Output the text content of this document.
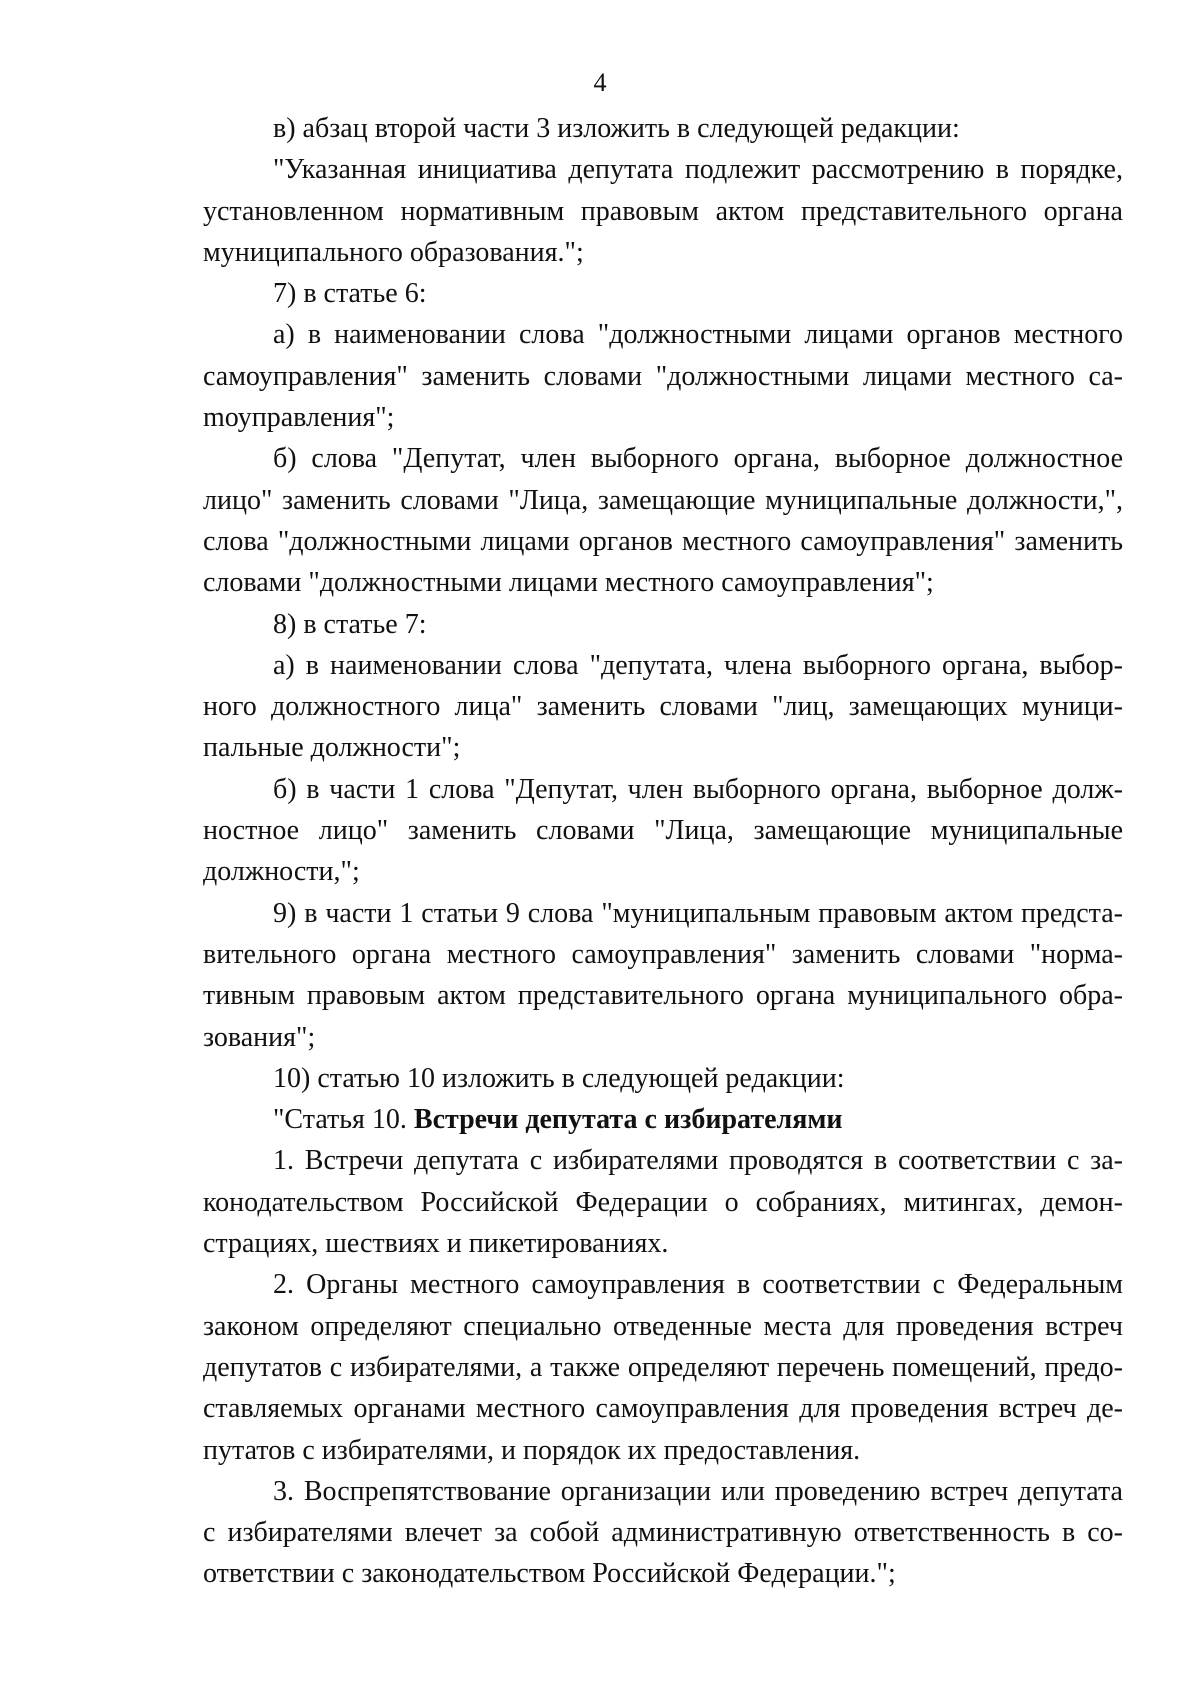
4

в) абзац второй части 3 изложить в следующей редакции:

"Указанная инициатива депутата подлежит рассмотрению в порядке, установленном нормативным правовым актом представительного органа муниципального образования.";

7) в статье 6:

а) в наименовании слова "должностными лицами органов местного самоуправления" заменить словами "должностными лицами местного саmоуправления";

б) слова "Депутат, член выборного органа, выборное должностное лицо" заменить словами "Лица, замещающие муниципальные должности,", слова "должностными лицами органов местного самоуправления" заменить словами "должностными лицами местного самоуправления";

8) в статье 7:

а) в наименовании слова "депутата, члена выборного органа, выборного должностного лица" заменить словами "лиц, замещающих муниципальные должности";

б) в части 1 слова "Депутат, член выборного органа, выборное должностное лицо" заменить словами "Лица, замещающие муниципальные должности,";

9) в части 1 статьи 9 слова "муниципальным правовым актом представительного органа местного самоуправления" заменить словами "нормативным правовым актом представительного органа муниципального образования";

10) статью 10 изложить в следующей редакции:

"Статья 10. Встречи депутата с избирателями

1. Встречи депутата с избирателями проводятся в соответствии с законодательством Российской Федерации о собраниях, митингах, демонстрациях, шествиях и пикетированиях.

2. Органы местного самоуправления в соответствии с Федеральным законом определяют специально отведенные места для проведения встреч депутатов с избирателями, а также определяют перечень помещений, предоставляемых органами местного самоуправления для проведения встреч депутатов с избирателями, и порядок их предоставления.

3. Воспрепятствование организации или проведению встреч депутата с избирателями влечет за собой административную ответственность в соответствии с законодательством Российской Федерации.";
